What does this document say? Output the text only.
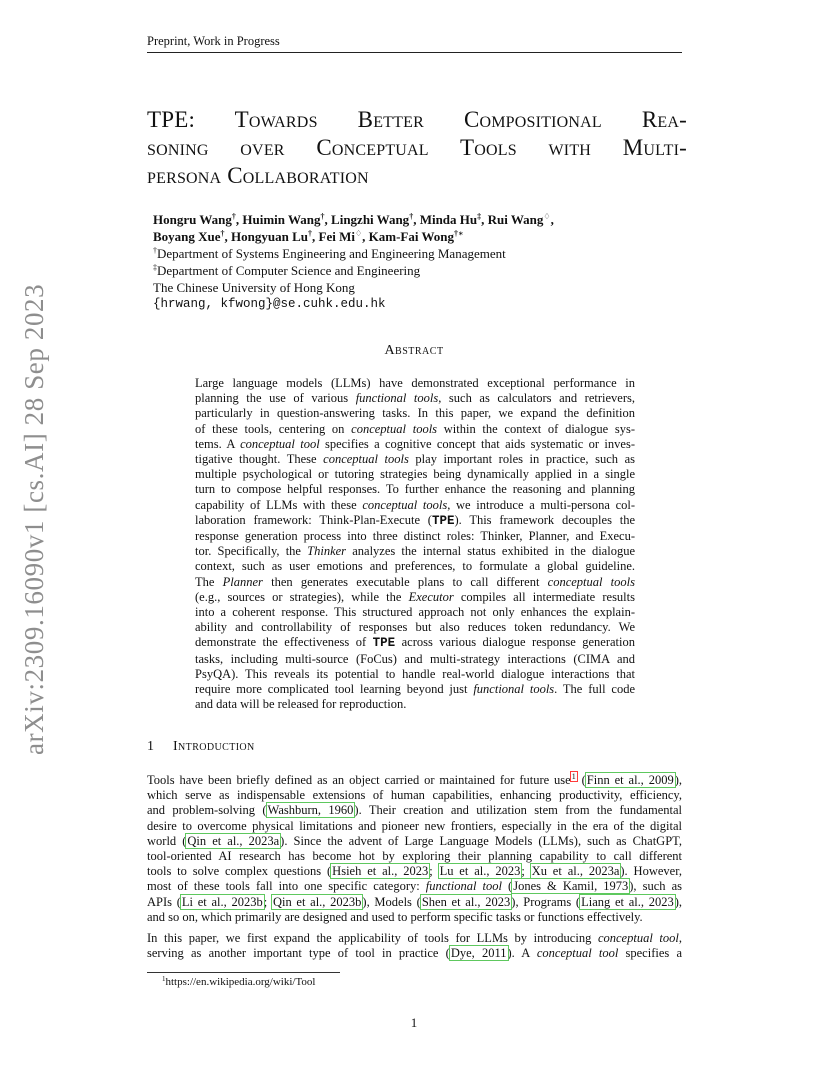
Preprint, Work in Progress
arXiv:2309.16090v1 [cs.AI] 28 Sep 2023
TPE: Towards Better Compositional Rea-
soning over Conceptual Tools with Multi-
persona Collaboration
Hongru Wang†, Huimin Wang†, Lingzhi Wang†, Minda Hu‡, Rui Wang♢,
Boyang Xue†, Hongyuan Lu†, Fei Mi♢, Kam-Fai Wong†∗
†Department of Systems Engineering and Engineering Management
‡Department of Computer Science and Engineering
The Chinese University of Hong Kong
{hrwang, kfwong}@se.cuhk.edu.hk
Abstract
Large language models (LLMs) have demonstrated exceptional performance in
planning the use of various functional tools, such as calculators and retrievers,
particularly in question-answering tasks. In this paper, we expand the definition
of these tools, centering on conceptual tools within the context of dialogue sys-
tems. A conceptual tool specifies a cognitive concept that aids systematic or inves-
tigative thought. These conceptual tools play important roles in practice, such as
multiple psychological or tutoring strategies being dynamically applied in a single
turn to compose helpful responses. To further enhance the reasoning and planning
capability of LLMs with these conceptual tools, we introduce a multi-persona col-
laboration framework: Think-Plan-Execute (TPE). This framework decouples the
response generation process into three distinct roles: Thinker, Planner, and Execu-
tor. Specifically, the Thinker analyzes the internal status exhibited in the dialogue
context, such as user emotions and preferences, to formulate a global guideline.
The Planner then generates executable plans to call different conceptual tools
(e.g., sources or strategies), while the Executor compiles all intermediate results
into a coherent response. This structured approach not only enhances the explain-
ability and controllability of responses but also reduces token redundancy. We
demonstrate the effectiveness of TPE across various dialogue response generation
tasks, including multi-source (FoCus) and multi-strategy interactions (CIMA and
PsyQA). This reveals its potential to handle real-world dialogue interactions that
require more complicated tool learning beyond just functional tools. The full code
and data will be released for reproduction.
1 Introduction
Tools have been briefly defined as an object carried or maintained for future use$^1$ (Finn et al., 2009),
which serve as indispensable extensions of human capabilities, enhancing productivity, efficiency,
and problem-solving (Washburn, 1960). Their creation and utilization stem from the fundamental
desire to overcome physical limitations and pioneer new frontiers, especially in the era of the digital
world (Qin et al., 2023a). Since the advent of Large Language Models (LLMs), such as ChatGPT,
tool-oriented AI research has become hot by exploring their planning capability to call different
tools to solve complex questions (Hsieh et al., 2023; Lu et al., 2023; Xu et al., 2023a). However,
most of these tools fall into one specific category: functional tool (Jones & Kamil, 1973), such as
APIs (Li et al., 2023b; Qin et al., 2023b), Models (Shen et al., 2023), Programs (Liang et al., 2023),
and so on, which primarily are designed and used to perform specific tasks or functions effectively.
In this paper, we first expand the applicability of tools for LLMs by introducing conceptual tool,
serving as another important type of tool in practice (Dye, 2011). A conceptual tool specifies a
$^1$https://en.wikipedia.org/wiki/Tool
1
